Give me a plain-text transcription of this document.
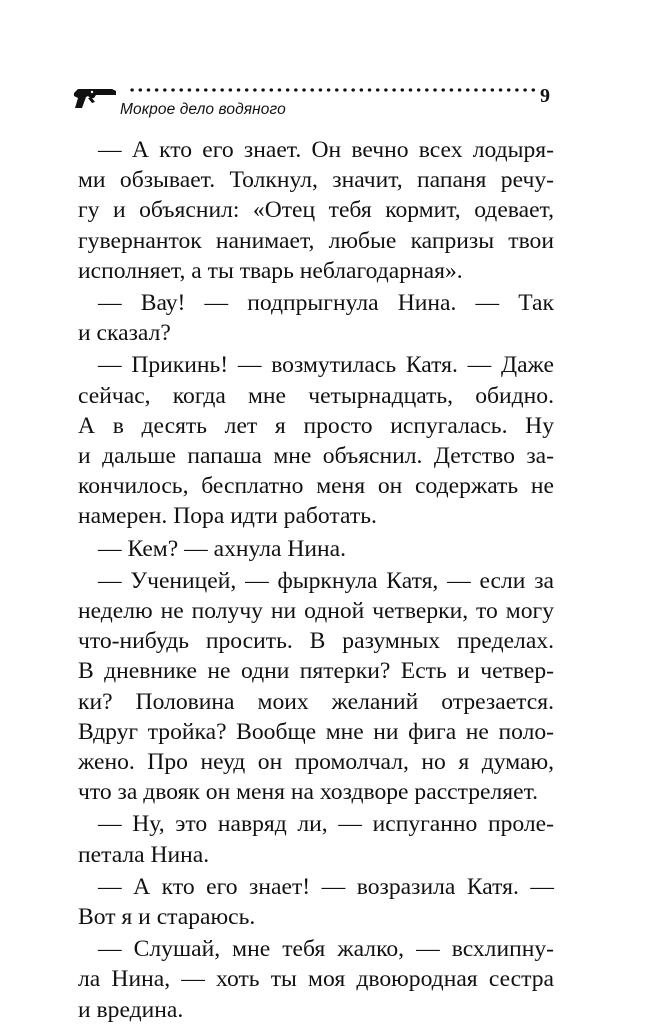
Мокрое дело водяного
9
— А кто его знает. Он вечно всех лодыря-
ми обзывает. Толкнул, значит, папаня речу-
гу и объяснил: «Отец тебя кормит, одевает,
гувернанток нанимает, любые капризы твои
исполняет, а ты тварь неблагодарная».
— Вау! — подпрыгнула Нина. — Так
и сказал?
— Прикинь! — возмутилась Катя. — Даже
сейчас, когда мне четырнадцать, обидно.
А в десять лет я просто испугалась. Ну
и дальше папаша мне объяснил. Детство за-
кончилось, бесплатно меня он содержать не
намерен. Пора идти работать.
— Кем? — ахнула Нина.
— Ученицей, — фыркнула Катя, — если за
неделю не получу ни одной четверки, то могу
что-нибудь просить. В разумных пределах.
В дневнике не одни пятерки? Есть и четвер-
ки? Половина моих желаний отрезается.
Вдруг тройка? Вообще мне ни фига не поло-
жено. Про неуд он промолчал, но я думаю,
что за двояк он меня на хоздворе расстреляет.
— Ну, это навряд ли, — испуганно проле-
петала Нина.
— А кто его знает! — возразила Катя. —
Вот я и стараюсь.
— Слушай, мне тебя жалко, — всхлипну-
ла Нина, — хоть ты моя двоюродная сестра
и вредина.
